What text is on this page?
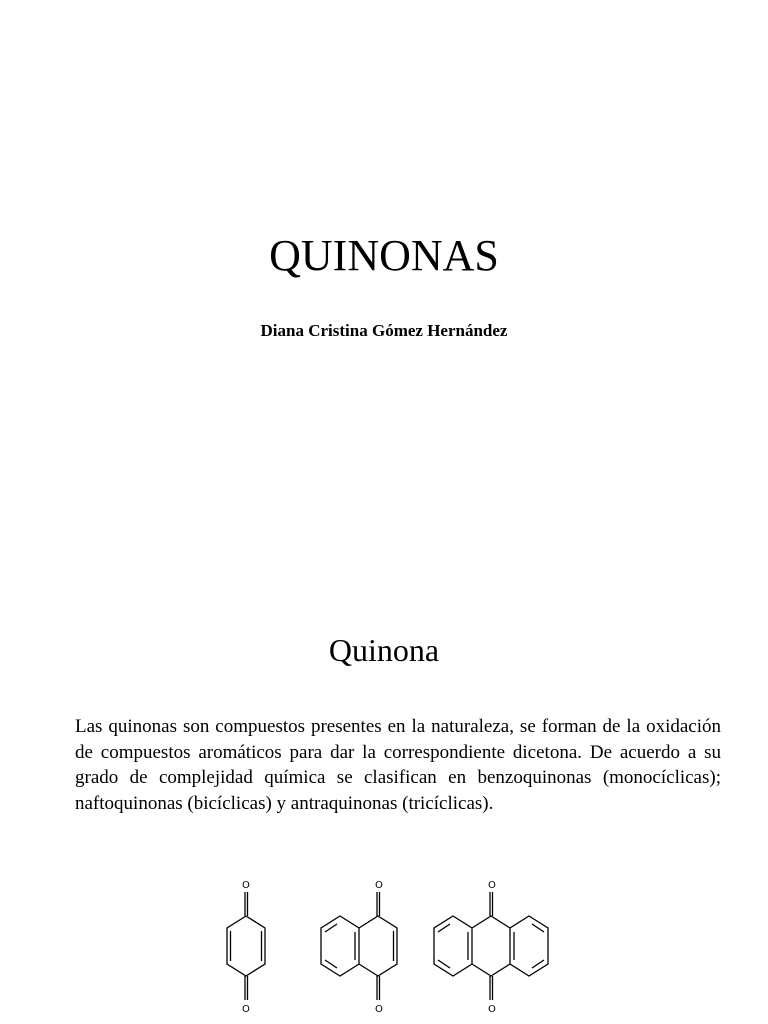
QUINONAS

Diana Cristina Gómez Hernández

Quinona

Las quinonas son compuestos presentes en la naturaleza, se forman de la oxidación de compuestos aromáticos para dar la correspondiente dicetona. De acuerdo a su grado de complejidad química se clasifican en benzoquinonas (monocíclicas); naftoquinonas (bicíclicas) y antraquinonas (tricíclicas).

O
O
O
O
O
O
